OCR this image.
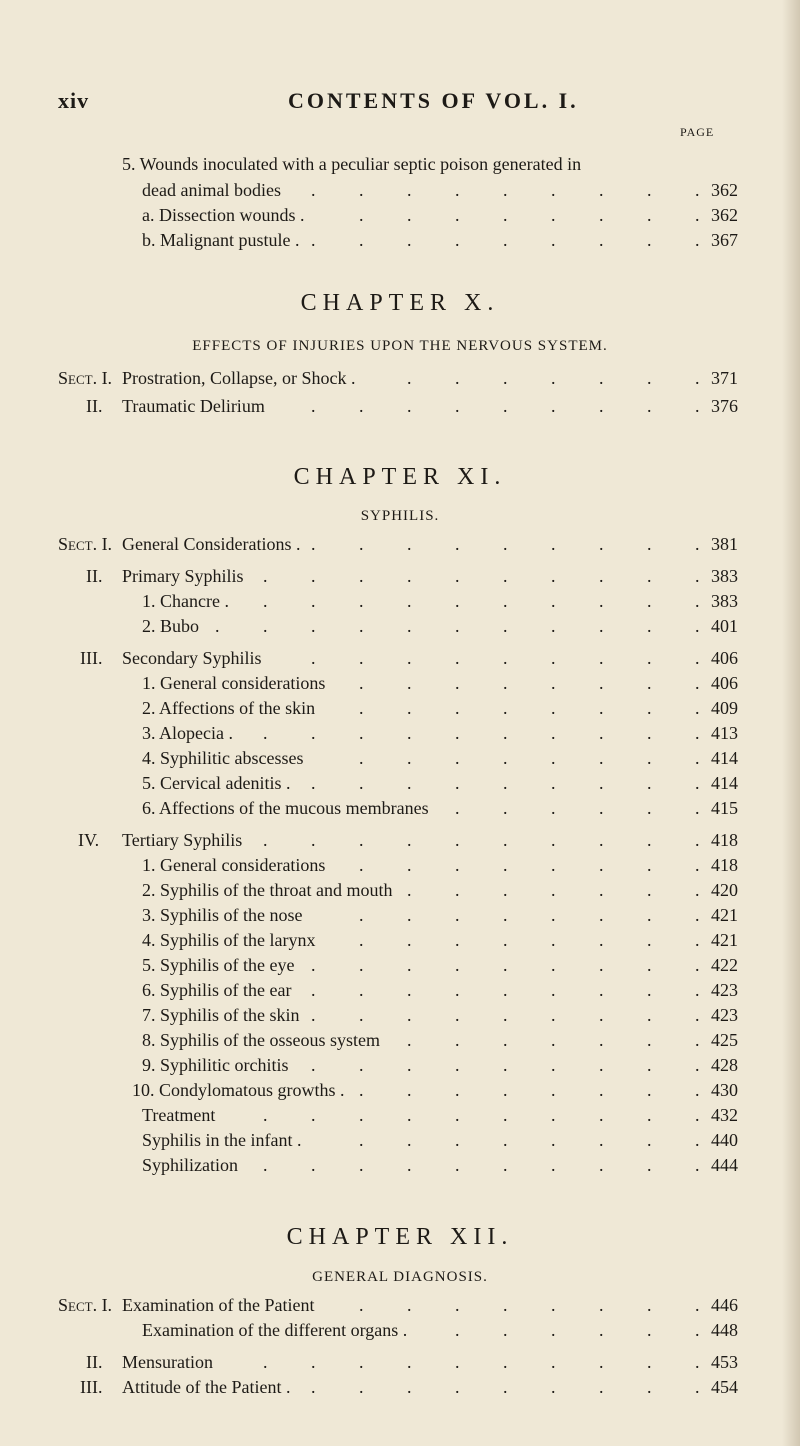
xiv	CONTENTS OF VOL. I.
PAGE
5. Wounds inoculated with a peculiar septic poison generated in
dead animal bodies	362
.
.
.
.
.
.
.
.
.
a. Dissection wounds .	362
.
.
.
.
.
.
.
.
b. Malignant pustule .	367
.
.
.
.
.
.
.
.
.
CHAPTER X.
EFFECTS OF INJURIES UPON THE NERVOUS SYSTEM.
Sect. I. Prostration, Collapse, or Shock .	371
.
.
.
.
.
.
.
II. Traumatic Delirium	376
.
.
.
.
.
.
.
.
.
CHAPTER XI.
SYPHILIS.
Sect. I. General Considerations .	381
.
.
.
.
.
.
.
.
.
II. Primary Syphilis	383
.
.
.
.
.
.
.
.
.
.
1. Chancre .	383
.
.
.
.
.
.
.
.
.
.
2. Bubo	401
.
.
.
.
.
.
.
.
.
.
.
III. Secondary Syphilis	406
.
.
.
.
.
.
.
.
.
1. General considerations	406
.
.
.
.
.
.
.
.
2. Affections of the skin	409
.
.
.
.
.
.
.
.
3. Alopecia .	413
.
.
.
.
.
.
.
.
.
.
4. Syphilitic abscesses	414
.
.
.
.
.
.
.
.
5. Cervical adenitis .	414
.
.
.
.
.
.
.
.
.
6. Affections of the mucous membranes	415
.
.
.
.
.
.
IV. Tertiary Syphilis	418
.
.
.
.
.
.
.
.
.
.
1. General considerations	418
.
.
.
.
.
.
.
.
2. Syphilis of the throat and mouth	420
.
.
.
.
.
.
.
3. Syphilis of the nose	421
.
.
.
.
.
.
.
.
4. Syphilis of the larynx	421
.
.
.
.
.
.
.
.
5. Syphilis of the eye	422
.
.
.
.
.
.
.
.
.
6. Syphilis of the ear	423
.
.
.
.
.
.
.
.
.
7. Syphilis of the skin	423
.
.
.
.
.
.
.
.
.
8. Syphilis of the osseous system	425
.
.
.
.
.
.
.
9. Syphilitic orchitis	428
.
.
.
.
.
.
.
.
.
10. Condylomatous growths .	430
.
.
.
.
.
.
.
.
Treatment	432
.
.
.
.
.
.
.
.
.
.
Syphilis in the infant .	440
.
.
.
.
.
.
.
.
Syphilization	444
.
.
.
.
.
.
.
.
.
.
CHAPTER XII.
GENERAL DIAGNOSIS.
Sect. I. Examination of the Patient	446
.
.
.
.
.
.
.
.
Examination of the different organs .	448
.
.
.
.
.
.
II. Mensuration	453
.
.
.
.
.
.
.
.
.
.
III. Attitude of the Patient .	454
.
.
.
.
.
.
.
.
.
